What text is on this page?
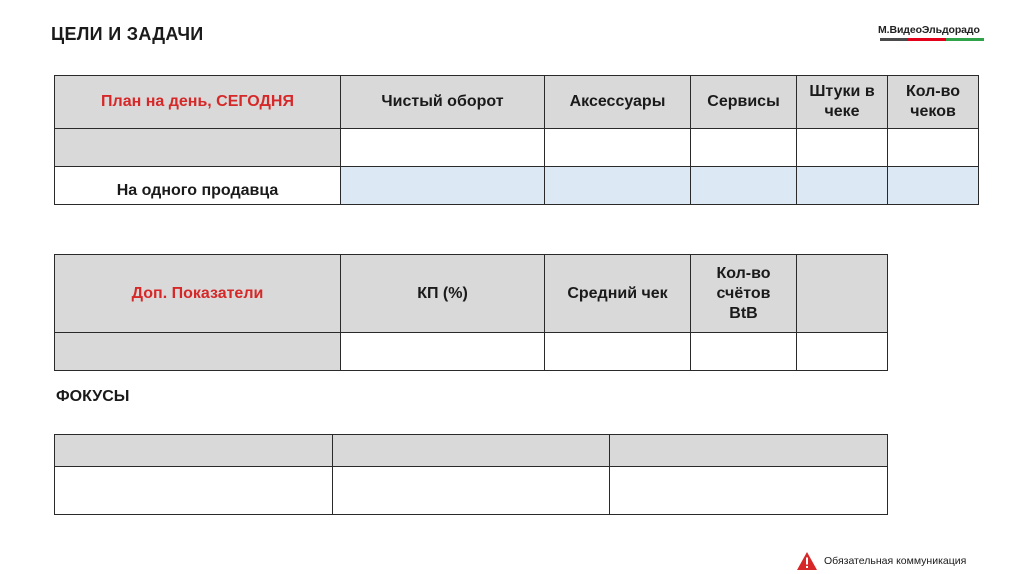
ЦЕЛИ И ЗАДАЧИ	М.ВидеоЭльдорадо
План на день, СЕГОДНЯ	Чистый оборот	Аксессуары	Сервисы	Штуки в чеке	Кол-во чеков

На одного продавца					
Доп. Показатели	КП (%)	Средний чек	Кол-во счётов BtB	

ФОКУСЫ

Обязательная коммуникация
